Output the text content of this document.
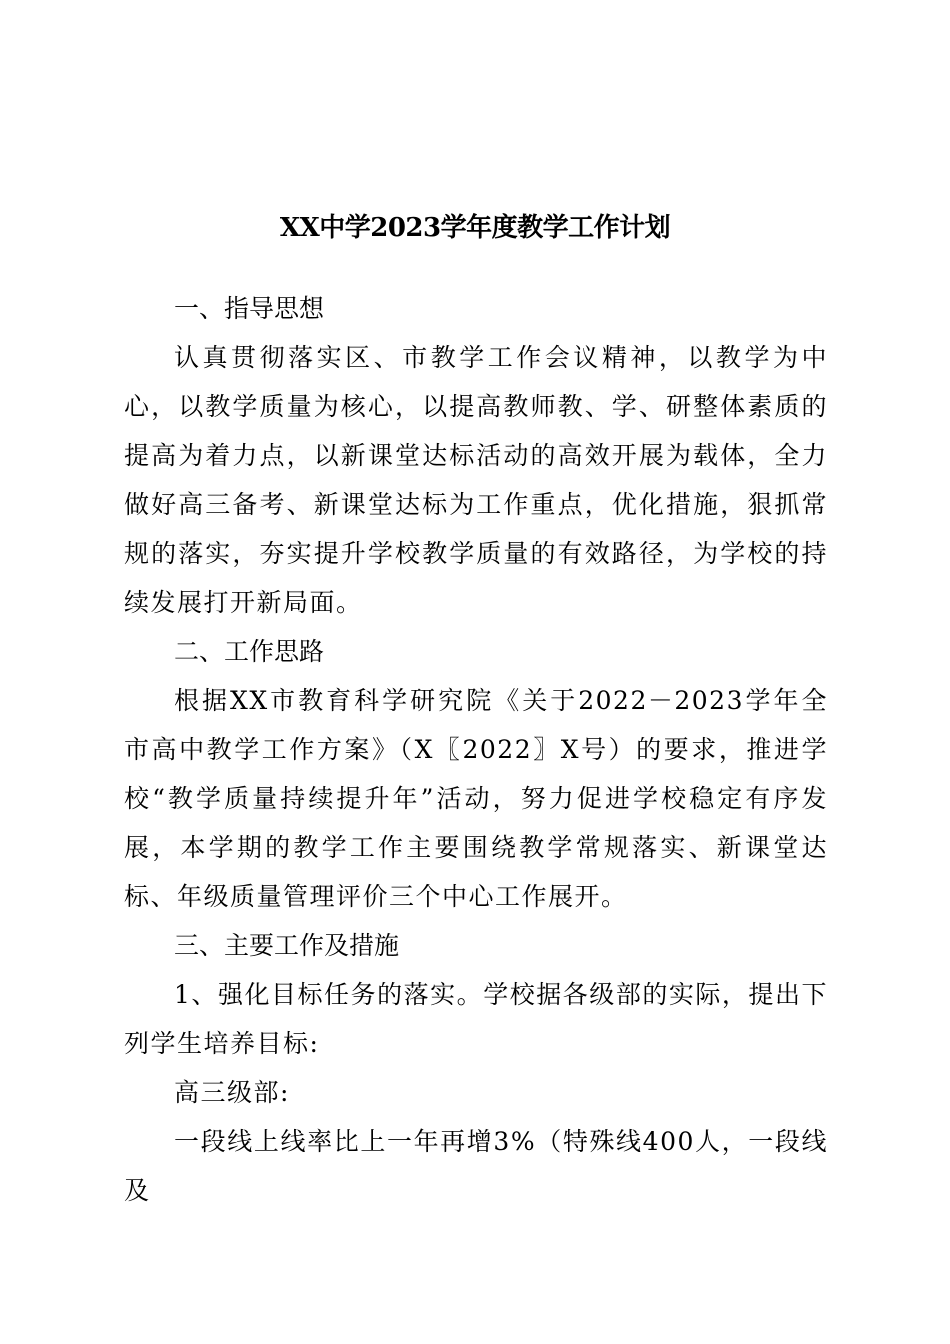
XX中学2023学年度教学工作计划
一、指导思想

认真贯彻落实区、市教学工作会议精神，以教学为中心，以教学质量为核心，以提高教师教、学、研整体素质的提高为着力点，以新课堂达标活动的高效开展为载体，全力做好高三备考、新课堂达标为工作重点，优化措施，狠抓常规的落实，夯实提升学校教学质量的有效路径，为学校的持续发展打开新局面。

二、工作思路

根据XX市教育科学研究院《关于2022－2023学年全市高中教学工作方案》（X〖2022〗X号）的要求，推进学校“教学质量持续提升年”活动，努力促进学校稳定有序发展，本学期的教学工作主要围绕教学常规落实、新课堂达标、年级质量管理评价三个中心工作展开。

三、主要工作及措施

1、强化目标任务的落实。学校据各级部的实际，提出下列学生培养目标:

高三级部:

一段线上线率比上一年再增3%（特殊线400人，一段线及
